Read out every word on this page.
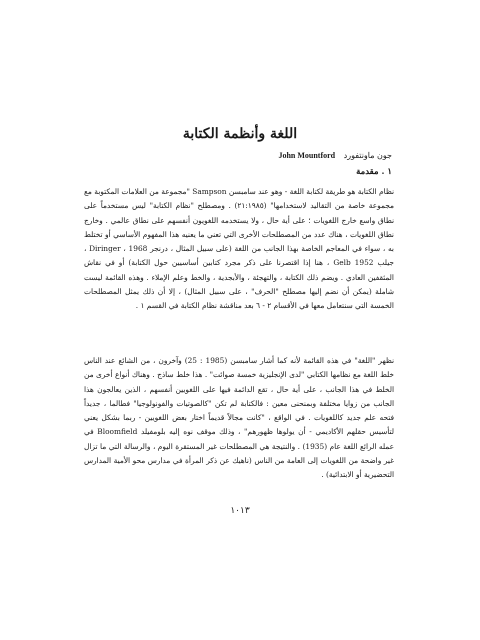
اللغة وأنظمة الكتابة
جون ماونتفورد John Mountford
١ . مقدمة

نظام الكتابة هو طريقة لكتابة اللغة - وهو عند سامبسن Sampson "مجموعة من العلامات المكتوبة مع مجموعة خاصة من التقاليد لاستخدامها" (٢١:١٩٨٥) . ومصطلح "نظام الكتابة" ليس مستخدماً على نطاق واسع خارج اللغويات ؛ على أية حال ، ولا يستخدمه اللغويون أنفسهم على نطاق عالمي . وخارج نطاق اللغويات ، هناك عدد من المصطلحات الأخرى التي تعني ما يعنيه هذا المفهوم الأساسي أو تختلط به ، سواء في المعاجم الخاصة بهذا الجانب من اللغة (على سبيل المثال ، درنجر Diringer ، 1968 ، جيلب Gelb 1952 ، هنا إذا اقتصرنا على ذكر مجرد كتابين أساسيين حول الكتابة) أو في نقاش المثقفين العادي . ويضم ذلك الكتابة ، والتهجئة ، والأبجدية ، والخط وعلم الإملاء . وهذه القائمة ليست شاملة (يمكن أن نضم إليها مصطلح "الحرف" ، على سبيل المثال) ، إلا أن ذلك يمثل المصطلحات الخمسة التي سنتعامل معها في الأقسام ٢ - ٦ بعد مناقشة نظام الكتابة في القسم ١ .

نظهر "اللغة" في هذه القائمة لأنه كما أشار سامبسن (1985 : 25) وآخرون ، من الشائع عند الناس خلط اللغة مع نظامها الكتابي "لدى الإنجليزية خمسة صوائت" . هذا خلط ساذج . وهناك أنواع أخرى من الخلط في هذا الجانب ، على أية حال ، تقع الدائمة فيها على اللغويين أنفسهم ، الذين يعالجون هذا الجانب من زوايا مختلفة وبمنحنى معين : فالكتابة لم تكن "كالصوتيات والفونولوجيا" فطالما ، جديداً فتحه علم جديد كاللغويات . في الواقع ، "كانت مجالاً قديماً اختار بعض اللغويين - ربما بشكل يعني لتأسيس حقلهم الأكاديمي - أن يولوها ظهورهم" ، وذلك موقف نوه إليه بلومفيلد Bloomfield في عمله الرائع اللغة عام (1935) . والنتيجة هي المصطلحات غير المستقرة اليوم ، والرسالة التي ما تزال غير واضحة من اللغويات إلى العامة من الناس (ناهيك عن ذكر المرأة في مدارس محو الأمية المدارس التحضيرية أو الابتدائية) .

١٠١٣
